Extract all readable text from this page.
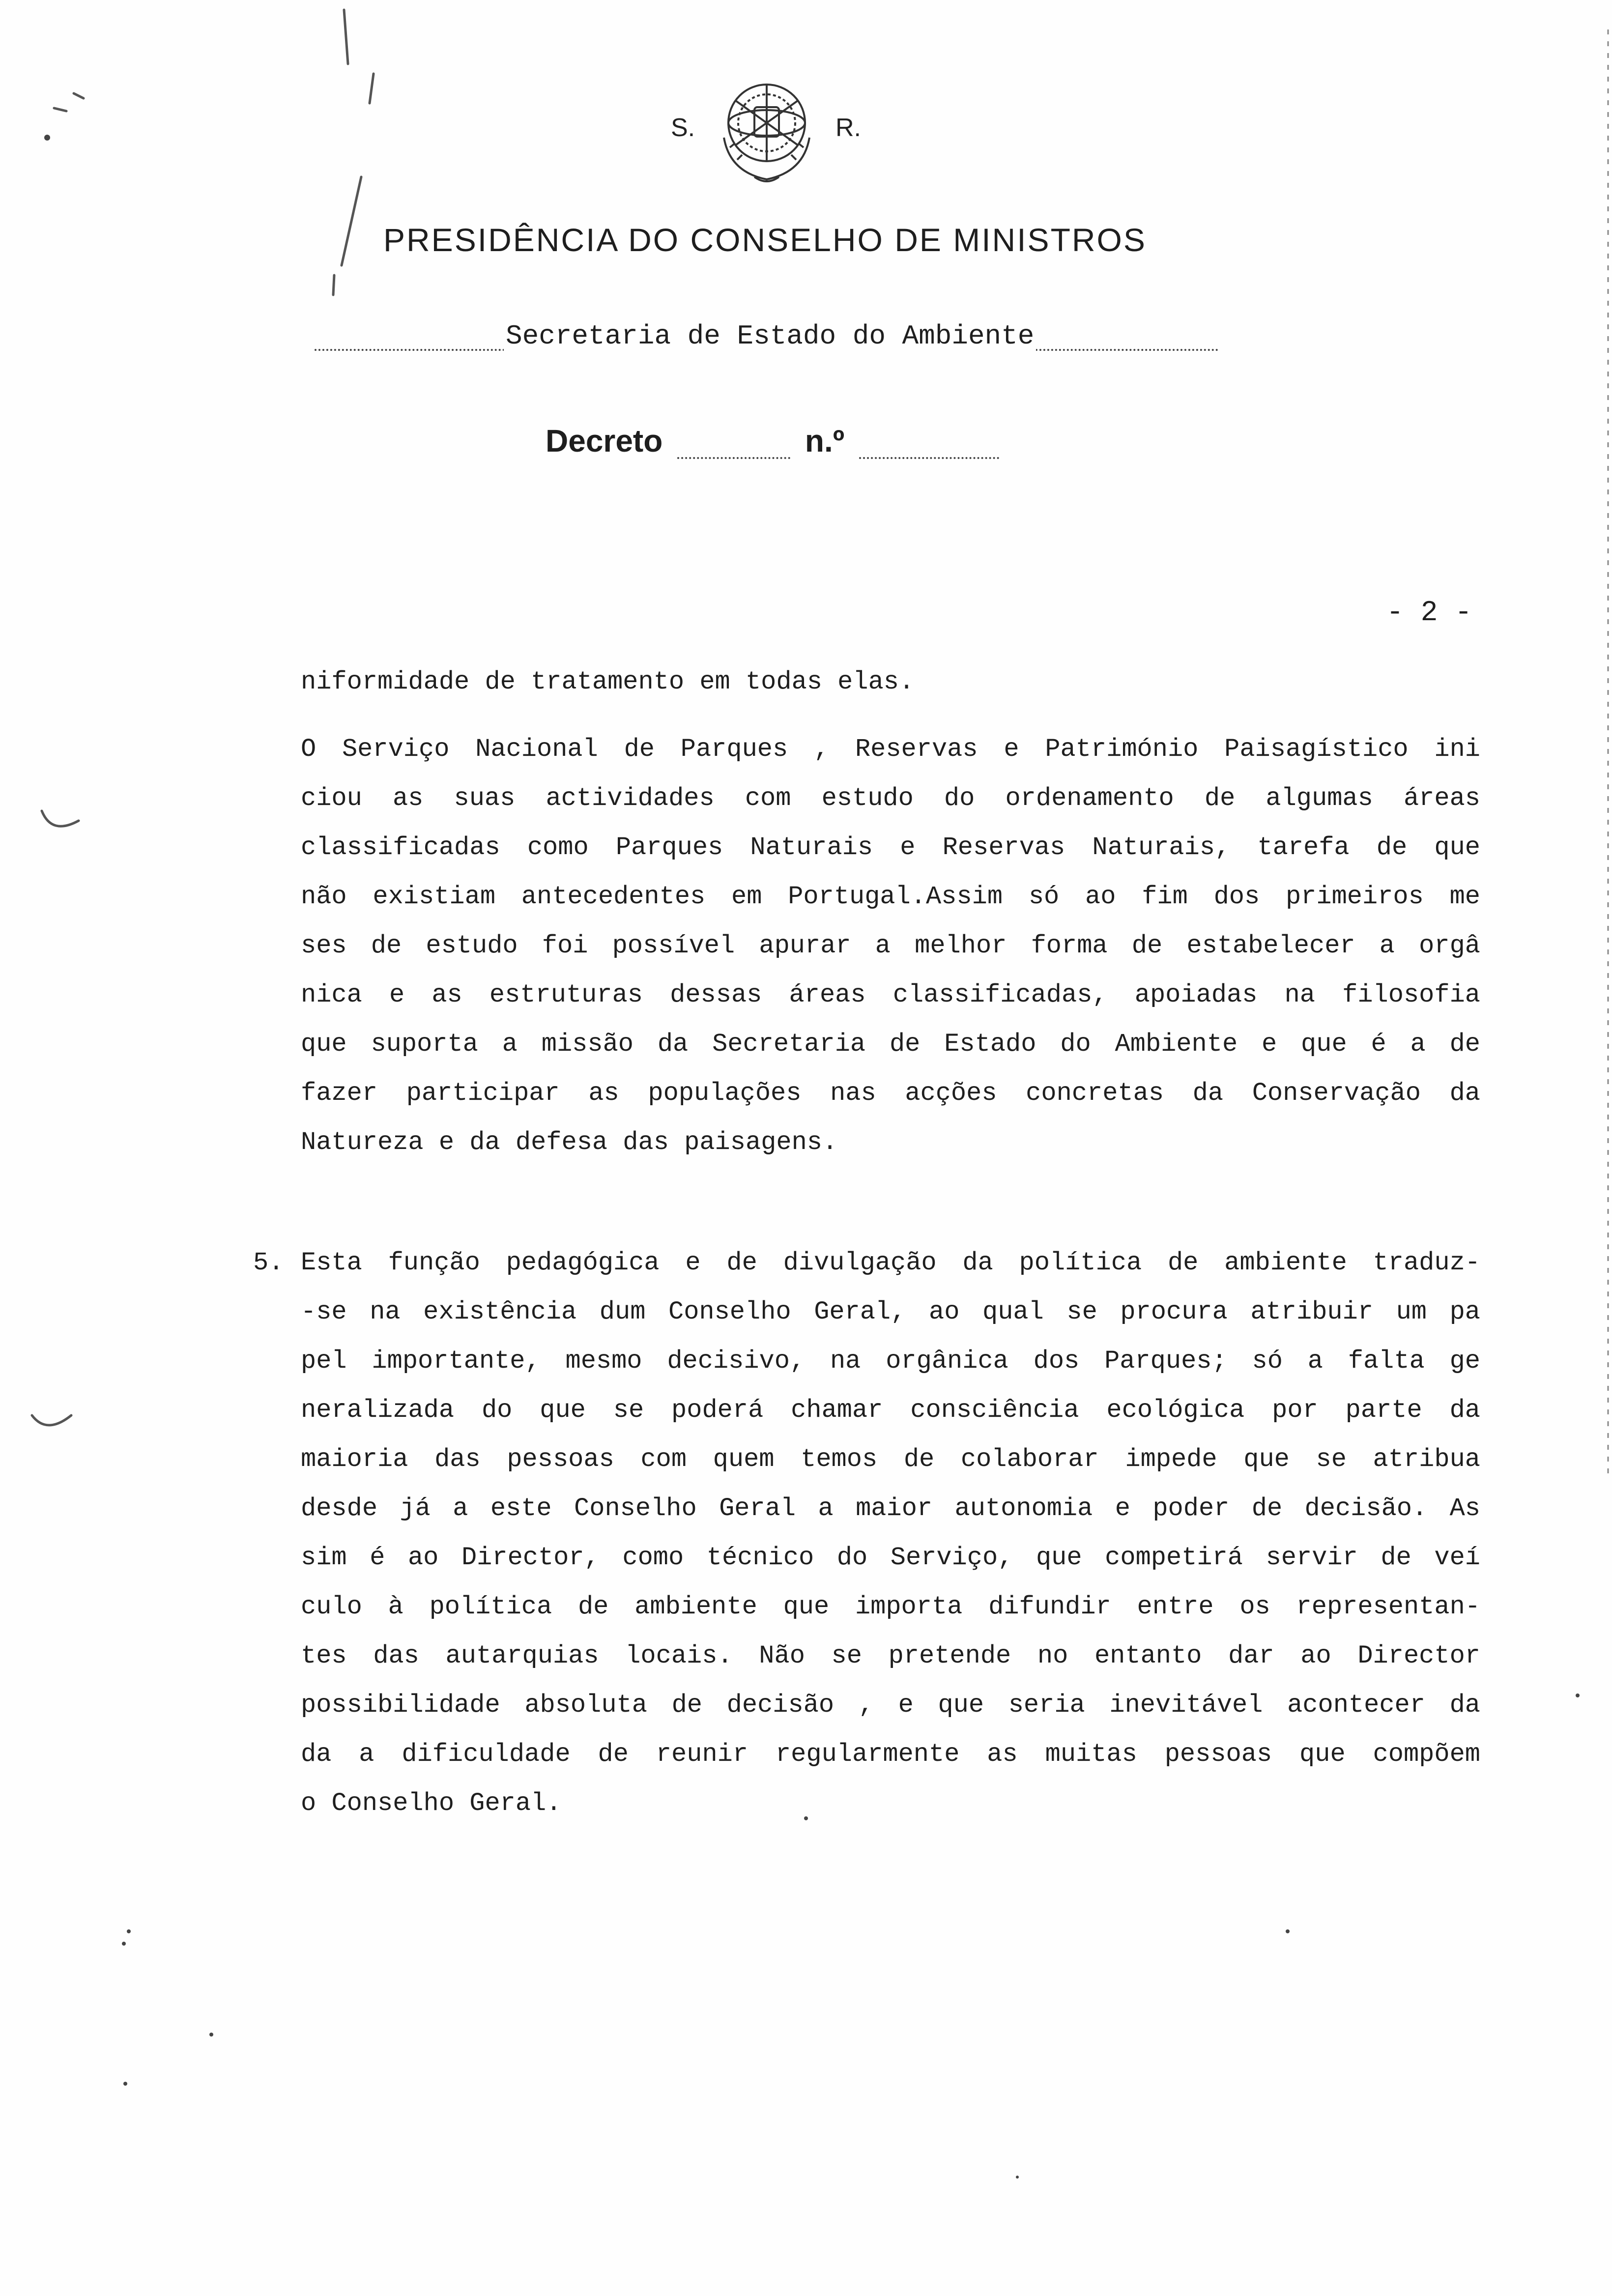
S.	R.
PRESIDÊNCIA DO CONSELHO DE MINISTROS
Secretaria de Estado do Ambiente
Decreto	n.º
- 2 -
niformidade de tratamento em todas elas.
O Serviço Nacional de Parques , Reservas e Património Paisagístico ini
ciou as suas actividades com estudo do ordenamento de algumas áreas
classificadas como Parques Naturais e Reservas Naturais, tarefa de que
não existiam antecedentes em Portugal.Assim só ao fim dos primeiros me
ses de estudo foi possível apurar a melhor forma de estabelecer a orgâ
nica e as estruturas dessas áreas classificadas, apoiadas na filosofia
que suporta a missão da Secretaria de Estado do Ambiente e que é a de
fazer participar as populações nas acções concretas da Conservação da
Natureza e da defesa das paisagens.
5. Esta função pedagógica e de divulgação da política de ambiente traduz-
-se na existência dum Conselho Geral, ao qual se procura atribuir um pa
pel importante, mesmo decisivo, na orgânica dos Parques; só a falta ge
neralizada do que se poderá chamar consciência ecológica por parte da
maioria das pessoas com quem temos de colaborar impede que se atribua
desde já a este Conselho Geral a maior autonomia e poder de decisão. As
sim é ao Director, como técnico do Serviço, que competirá servir de veí
culo à política de ambiente que importa difundir entre os representan-
tes das autarquias locais. Não se pretende no entanto dar ao Director
possibilidade absoluta de decisão , e que seria inevitável acontecer da
da a dificuldade de reunir regularmente as muitas pessoas que compõem
o Conselho Geral.
